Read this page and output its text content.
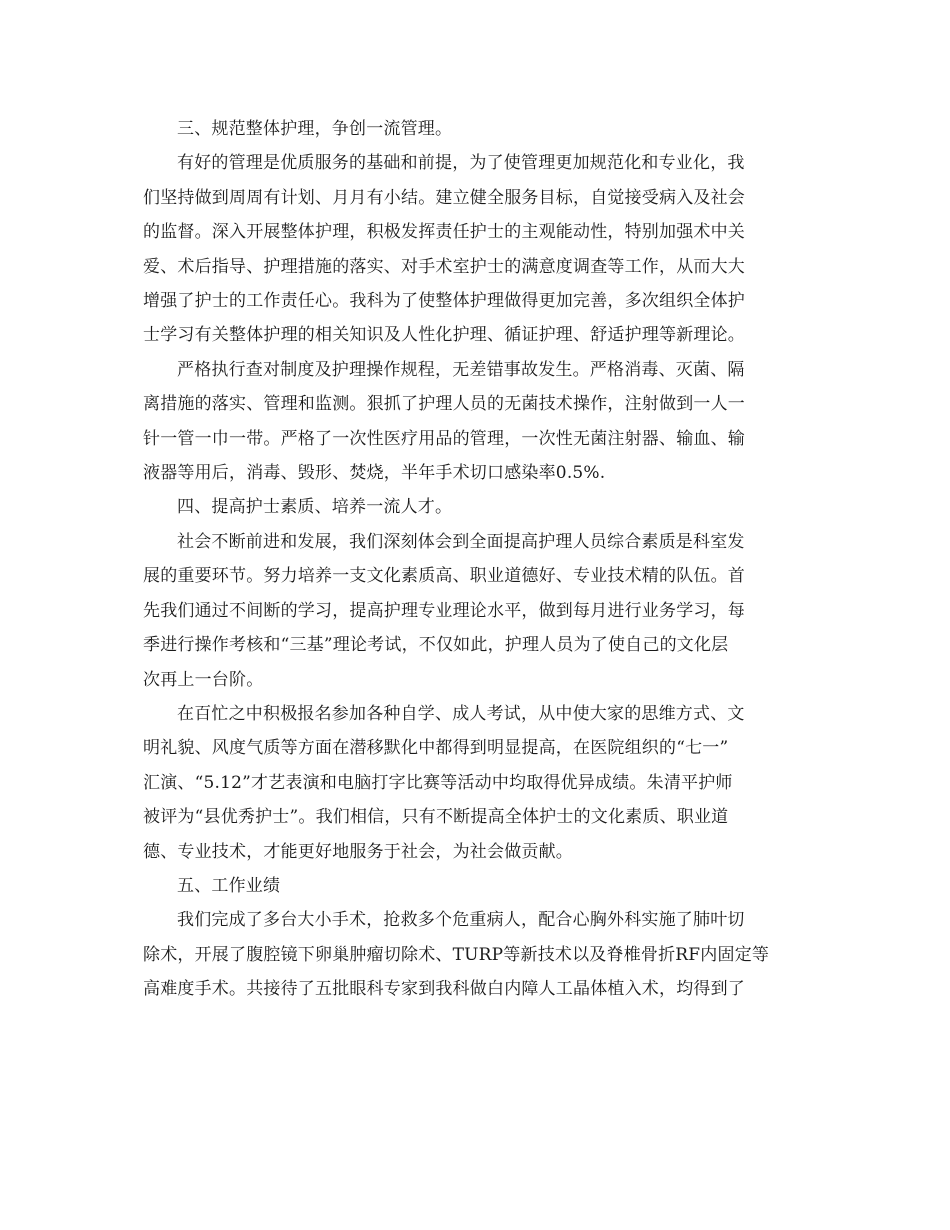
三、规范整体护理，争创一流管理。

有好的管理是优质服务的基础和前提，为了使管理更加规范化和专业化，我
们坚持做到周周有计划、月月有小结。建立健全服务目标，自觉接受病入及社会
的监督。深入开展整体护理，积极发挥责任护士的主观能动性，特别加强术中关
爱、术后指导、护理措施的落实、对手术室护士的满意度调查等工作，从而大大
增强了护士的工作责任心。我科为了使整体护理做得更加完善，多次组织全体护
士学习有关整体护理的相关知识及人性化护理、循证护理、舒适护理等新理论。

严格执行查对制度及护理操作规程，无差错事故发生。严格消毒、灭菌、隔
离措施的落实、管理和监测。狠抓了护理人员的无菌技术操作，注射做到一人一
针一管一巾一带。严格了一次性医疗用品的管理，一次性无菌注射器、输血、输
液器等用后，消毒、毁形、焚烧，半年手术切口感染率0.5%.

四、提高护士素质、培养一流人才。

社会不断前进和发展，我们深刻体会到全面提高护理人员综合素质是科室发
展的重要环节。努力培养一支文化素质高、职业道德好、专业技术精的队伍。首
先我们通过不间断的学习，提高护理专业理论水平，做到每月进行业务学习，每
季进行操作考核和“三基”理论考试，不仅如此，护理人员为了使自己的文化层
次再上一台阶。

在百忙之中积极报名参加各种自学、成人考试，从中使大家的思维方式、文
明礼貌、风度气质等方面在潜移默化中都得到明显提高，在医院组织的“七一”
汇演、“5.12”才艺表演和电脑打字比赛等活动中均取得优异成绩。朱清平护师
被评为“县优秀护士”。我们相信，只有不断提高全体护士的文化素质、职业道
德、专业技术，才能更好地服务于社会，为社会做贡献。

五、工作业绩

我们完成了多台大小手术，抢救多个危重病人，配合心胸外科实施了肺叶切
除术，开展了腹腔镜下卵巢肿瘤切除术、TURP等新技术以及脊椎骨折RF内固定等
高难度手术。共接待了五批眼科专家到我科做白内障人工晶体植入术，均得到了
